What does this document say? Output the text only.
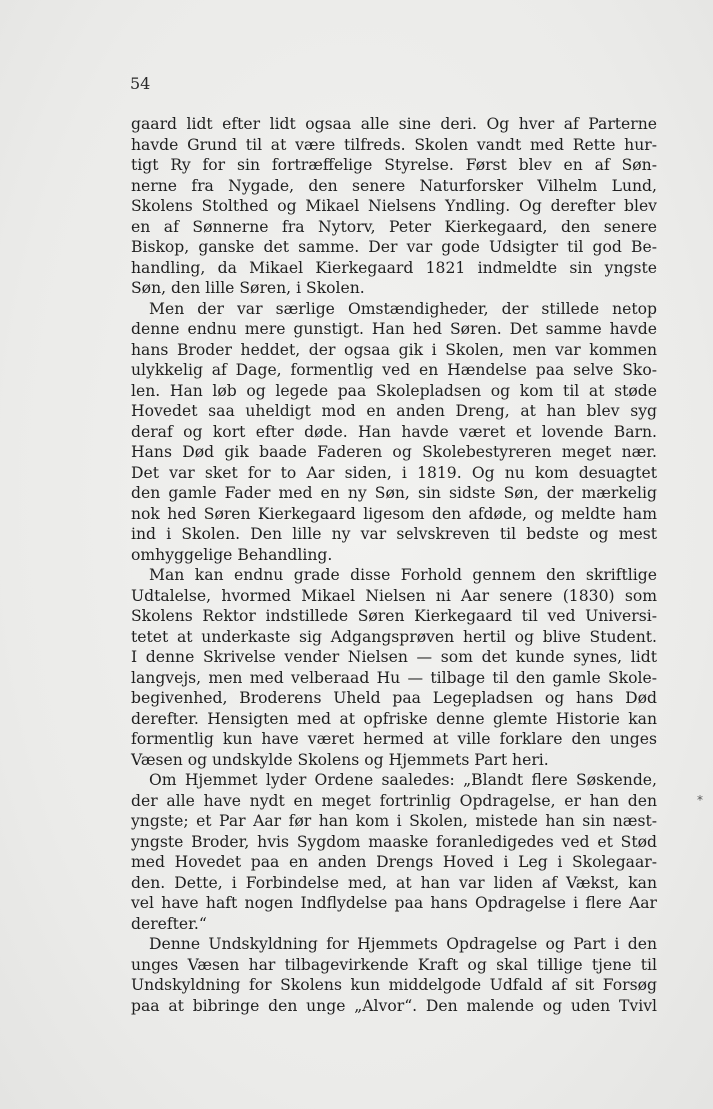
54

gaard lidt efter lidt ogsaa alle sine deri. Og hver af Parterne
havde Grund til at være tilfreds. Skolen vandt med Rette hur-
tigt Ry for sin fortræffelige Styrelse. Først blev en af Søn-
nerne fra Nygade, den senere Naturforsker Vilhelm Lund,
Skolens Stolthed og Mikael Nielsens Yndling. Og derefter blev
en af Sønnerne fra Nytorv, Peter Kierkegaard, den senere
Biskop, ganske det samme. Der var gode Udsigter til god Be-
handling, da Mikael Kierkegaard 1821 indmeldte sin yngste
Søn, den lille Søren, i Skolen.
Men der var særlige Omstændigheder, der stillede netop
denne endnu mere gunstigt. Han hed Søren. Det samme havde
hans Broder heddet, der ogsaa gik i Skolen, men var kommen
ulykkelig af Dage, formentlig ved en Hændelse paa selve Sko-
len. Han løb og legede paa Skolepladsen og kom til at støde
Hovedet saa uheldigt mod en anden Dreng, at han blev syg
deraf og kort efter døde. Han havde været et lovende Barn.
Hans Død gik baade Faderen og Skolebestyreren meget nær.
Det var sket for to Aar siden, i 1819. Og nu kom desuagtet
den gamle Fader med en ny Søn, sin sidste Søn, der mærkelig
nok hed Søren Kierkegaard ligesom den afdøde, og meldte ham
ind i Skolen. Den lille ny var selvskreven til bedste og mest
omhyggelige Behandling.
Man kan endnu grade disse Forhold gennem den skriftlige
Udtalelse, hvormed Mikael Nielsen ni Aar senere (1830) som
Skolens Rektor indstillede Søren Kierkegaard til ved Universi-
tetet at underkaste sig Adgangsprøven hertil og blive Student.
I denne Skrivelse vender Nielsen — som det kunde synes, lidt
langvejs, men med velberaad Hu — tilbage til den gamle Skole-
begivenhed, Broderens Uheld paa Legepladsen og hans Død
derefter. Hensigten med at opfriske denne glemte Historie kan
formentlig kun have været hermed at ville forklare den unges
Væsen og undskylde Skolens og Hjemmets Part heri.
Om Hjemmet lyder Ordene saaledes: „Blandt flere Søskende,
der alle have nydt en meget fortrinlig Opdragelse, er han den
yngste; et Par Aar før han kom i Skolen, mistede han sin næst-
yngste Broder, hvis Sygdom maaske foranledigedes ved et Stød
med Hovedet paa en anden Drengs Hoved i Leg i Skolegaar-
den. Dette, i Forbindelse med, at han var liden af Vækst, kan
vel have haft nogen Indflydelse paa hans Opdragelse i flere Aar
derefter.“
Denne Undskyldning for Hjemmets Opdragelse og Part i den
unges Væsen har tilbagevirkende Kraft og skal tillige tjene til
Undskyldning for Skolens kun middelgode Udfald af sit Forsøg
paa at bibringe den unge „Alvor“. Den malende og uden Tvivl
*
